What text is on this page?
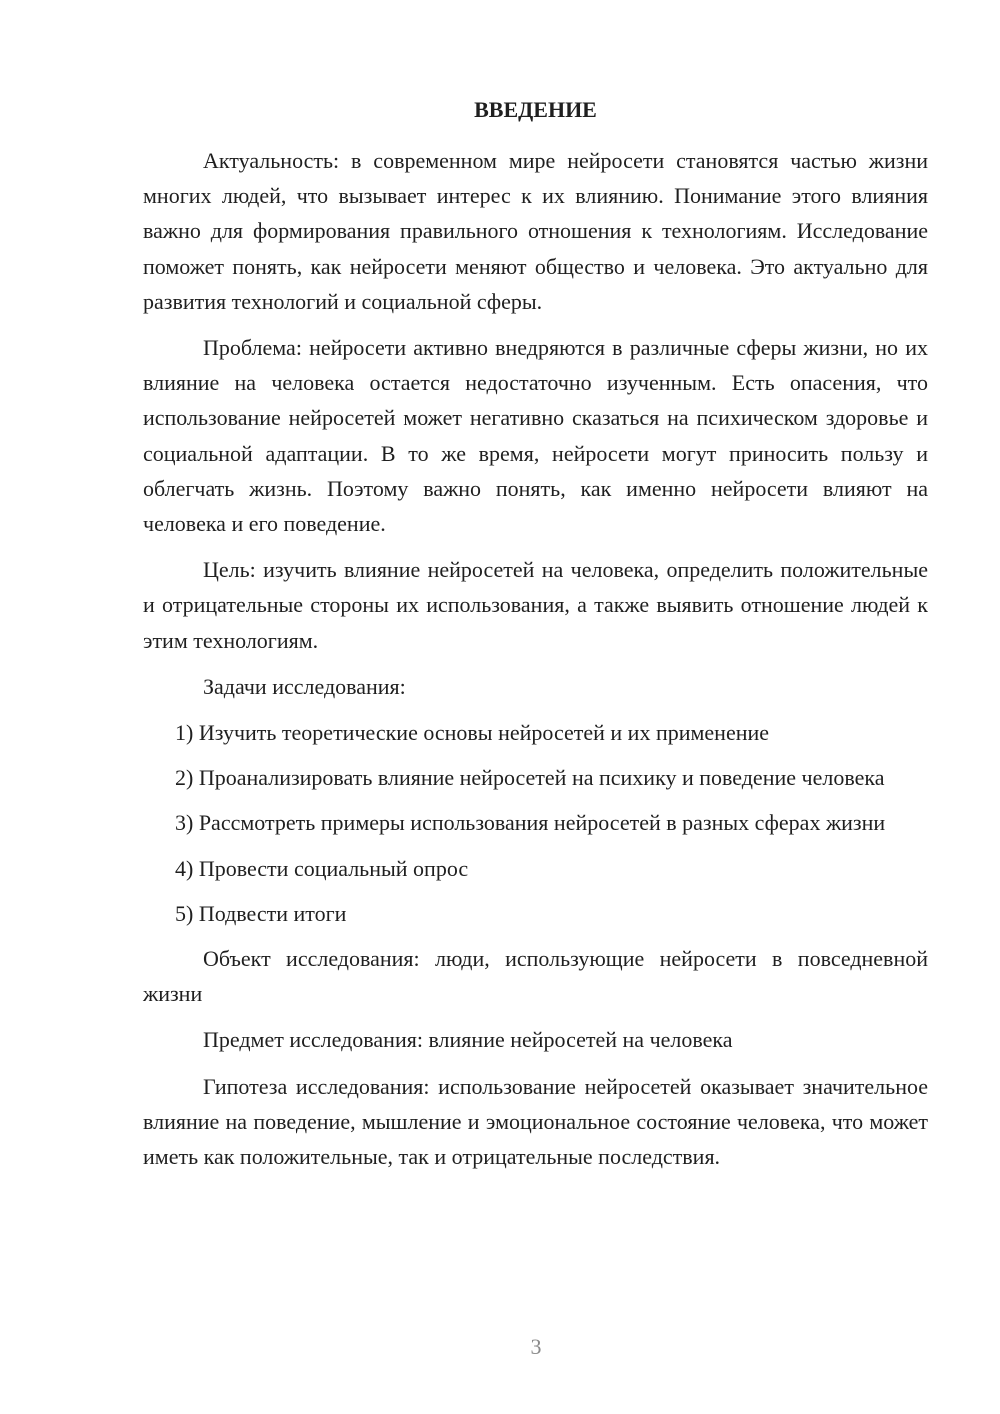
ВВЕДЕНИЕ

Актуальность: в современном мире нейросети становятся частью жизни многих людей, что вызывает интерес к их влиянию. Понимание этого влияния важно для формирования правильного отношения к технологиям. Исследование поможет понять, как нейросети меняют общество и человека. Это актуально для развития технологий и социальной сферы.

Проблема: нейросети активно внедряются в различные сферы жизни, но их влияние на человека остается недостаточно изученным. Есть опасения, что использование нейросетей может негативно сказаться на психическом здоровье и социальной адаптации. В то же время, нейросети могут приносить пользу и облегчать жизнь. Поэтому важно понять, как именно нейросети влияют на человека и его поведение.

Цель: изучить влияние нейросетей на человека, определить положительные и отрицательные стороны их использования, а также выявить отношение людей к этим технологиям.

Задачи исследования:

1) Изучить теоретические основы нейросетей и их применение

2) Проанализировать влияние нейросетей на психику и поведение человека

3) Рассмотреть примеры использования нейросетей в разных сферах жизни

4) Провести социальный опрос

5) Подвести итоги

Объект исследования: люди, использующие нейросети в повседневной жизни

Предмет исследования: влияние нейросетей на человека

Гипотеза исследования: использование нейросетей оказывает значительное влияние на поведение, мышление и эмоциональное состояние человека, что может иметь как положительные, так и отрицательные последствия.

3
